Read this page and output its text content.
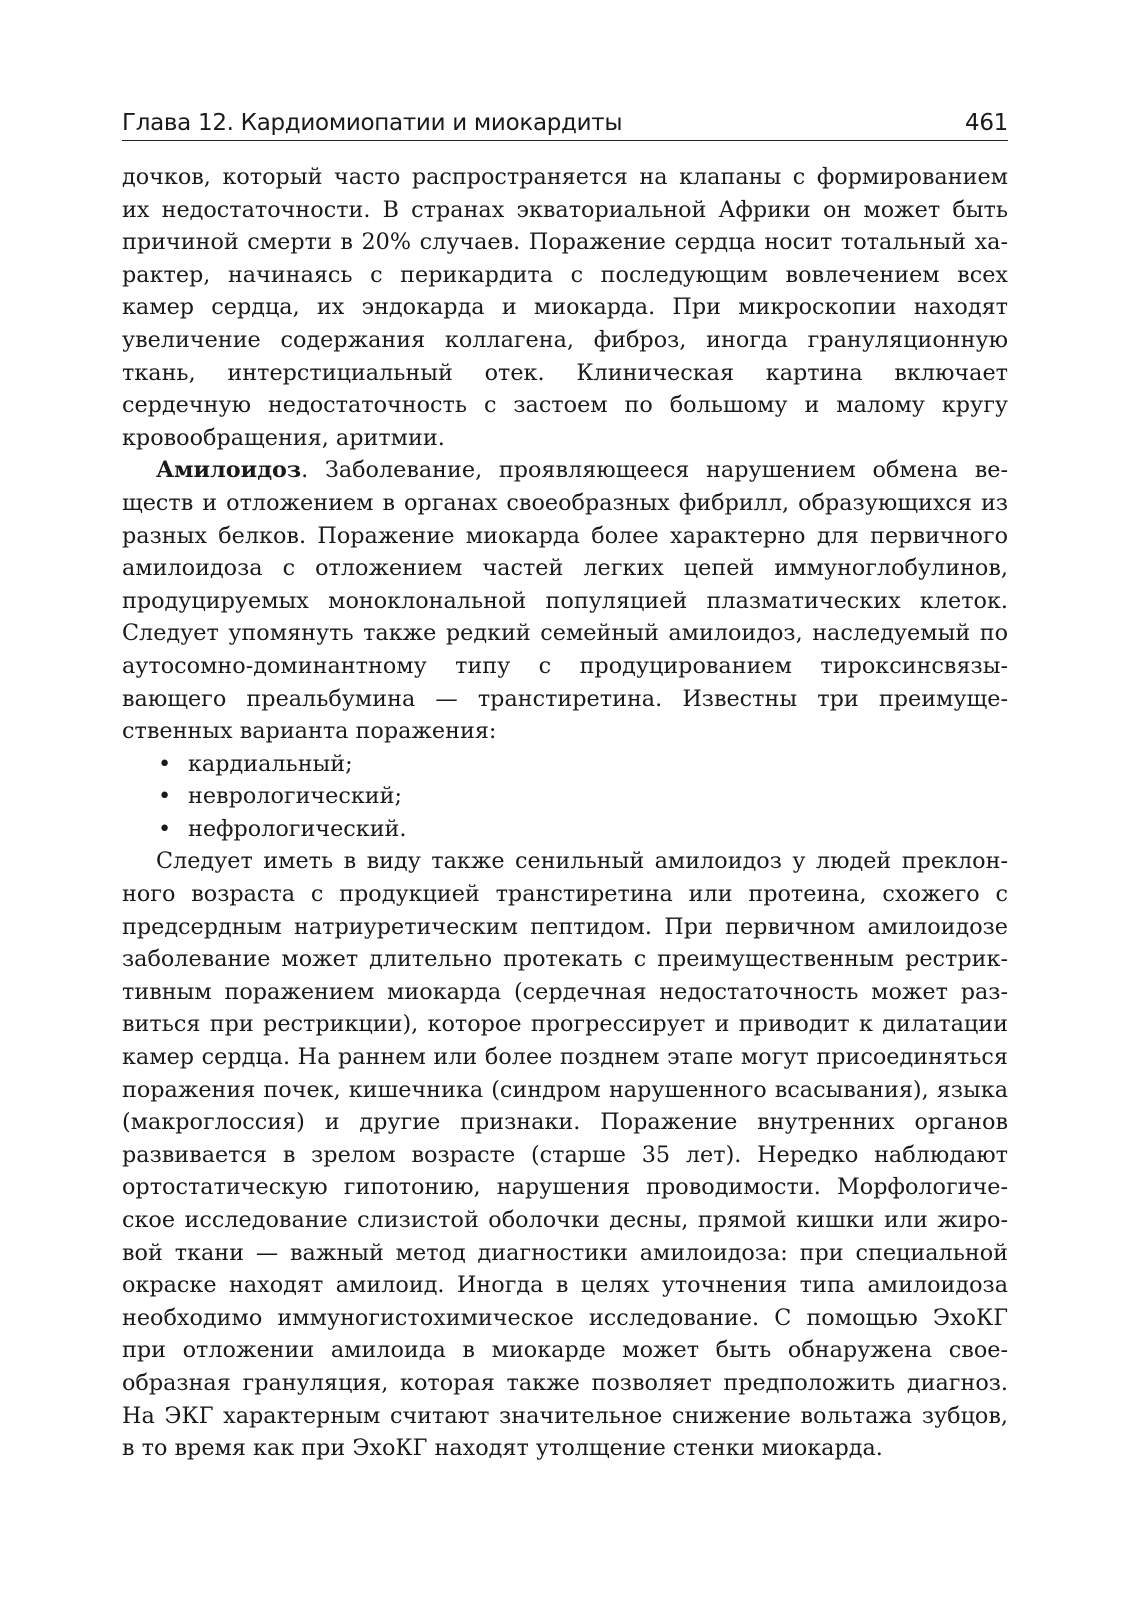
Глава 12. Кардиомиопатии и миокардиты	461

дочков, который часто распространяется на клапаны с формированием их недостаточности. В странах экваториальной Африки он может быть причиной смерти в 20% случаев. Поражение сердца носит тотальный характер, начинаясь с перикардита с последующим вовлечением всех камер сердца, их эндокарда и миокарда. При микроскопии находят увеличение содержания коллагена, фиброз, иногда грануляционную ткань, интерстициальный отек. Клиническая картина включает сердечную недостаточность с застоем по большому и малому кругу кровообращения, аритмии.

Амилоидоз. Заболевание, проявляющееся нарушением обмена веществ и отложением в органах своеобразных фибрилл, образующихся из разных белков. Поражение миокарда более характерно для первичного амилоидоза с отложением частей легких цепей иммуноглобулинов, продуцируемых моноклональной популяцией плазматических клеток. Следует упомянуть также редкий семейный амилоидоз, наследуемый по аутосомно-доминантному типу с продуцированием тироксинсвязывающего преальбумина — транстиретина. Известны три преимущественных варианта поражения:

• кардиальный;
• неврологический;
• нефрологический.

Следует иметь в виду также сенильный амилоидоз у людей преклонного возраста с продукцией транстиретина или протеина, схожего с предсердным натриуретическим пептидом. При первичном амилоидозе заболевание может длительно протекать с преимущественным рестриктивным поражением миокарда (сердечная недостаточность может развиться при рестрикции), которое прогрессирует и приводит к дилатации камер сердца. На раннем или более позднем этапе могут присоединяться поражения почек, кишечника (синдром нарушенного всасывания), языка (макроглоссия) и другие признаки. Поражение внутренних органов развивается в зрелом возрасте (старше 35 лет). Нередко наблюдают ортостатическую гипотонию, нарушения проводимости. Морфологическое исследование слизистой оболочки десны, прямой кишки или жировой ткани — важный метод диагностики амилоидоза: при специальной окраске находят амилоид. Иногда в целях уточнения типа амилоидоза необходимо иммуногистохимическое исследование. С помощью ЭхоКГ при отложении амилоида в миокарде может быть обнаружена своеобразная грануляция, которая также позволяет предположить диагноз. На ЭКГ характерным считают значительное снижение вольтажа зубцов, в то время как при ЭхоКГ находят утолщение стенки миокарда.
